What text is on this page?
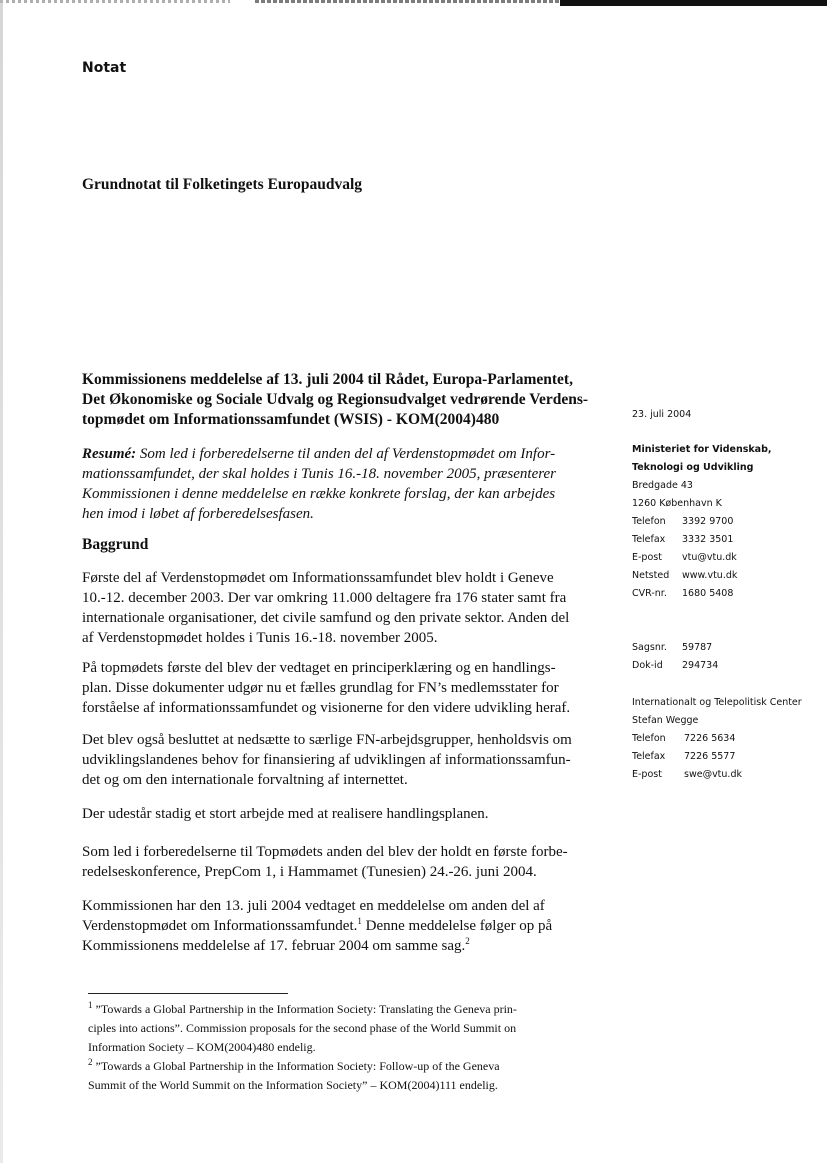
Notat
Grundnotat til Folketingets Europaudvalg
Kommissionens meddelelse af 13. juli 2004 til Rådet, Europa-Parlamentet,
Det Økonomiske og Sociale Udvalg og Regionsudvalget vedrørende Verdens-
topmødet om Informationssamfundet (WSIS) - KOM(2004)480
Resumé: Som led i forberedelserne til anden del af Verdenstopmødet om Infor-
mationssamfundet, der skal holdes i Tunis 16.-18. november 2005, præsenterer
Kommissionen i denne meddelelse en række konkrete forslag, der kan arbejdes
hen imod i løbet af forberedelsesfasen.
Baggrund
Første del af Verdenstopmødet om Informationssamfundet blev holdt i Geneve
10.-12. december 2003. Der var omkring 11.000 deltagere fra 176 stater samt fra
internationale organisationer, det civile samfund og den private sektor. Anden del
af Verdenstopmødet holdes i Tunis 16.-18. november 2005.
På topmødets første del blev der vedtaget en principerklæring og en handlings-
plan. Disse dokumenter udgør nu et fælles grundlag for FN’s medlemsstater for
forståelse af informationssamfundet og visionerne for den videre udvikling heraf.
Det blev også besluttet at nedsætte to særlige FN-arbejdsgrupper, henholdsvis om
udviklingslandenes behov for finansiering af udviklingen af informationssamfun-
det og om den internationale forvaltning af internettet.
Der udestår stadig et stort arbejde med at realisere handlingsplanen.
Som led i forberedelserne til Topmødets anden del blev der holdt en første forbe-
redelseskonference, PrepCom 1, i Hammamet (Tunesien) 24.-26. juni 2004.
Kommissionen har den 13. juli 2004 vedtaget en meddelelse om anden del af
Verdenstopmødet om Informationssamfundet.$^1$ Denne meddelelse følger op på
Kommissionens meddelelse af 17. februar 2004 om samme sag.$^2$
$^1$ ”Towards a Global Partnership in the Information Society: Translating the Geneva prin-
ciples into actions”. Commission proposals for the second phase of the World Summit on
Information Society – KOM(2004)480 endelig.
$^2$ ”Towards a Global Partnership in the Information Society: Follow-up of the Geneva
Summit of the World Summit on the Information Society” – KOM(2004)111 endelig.
23. juli 2004
Ministeriet for Videnskab,
Teknologi og Udvikling
Bredgade 43
1260 København K
Telefon	3392 9700
Telefax	3332 3501
E-post	vtu@vtu.dk
Netsted	www.vtu.dk
CVR-nr.	1680 5408
Sagsnr.	59787
Dok-id	294734
Internationalt og Telepolitisk Center
Stefan Wegge
Telefon	7226 5634
Telefax	7226 5577
E-post	swe@vtu.dk
